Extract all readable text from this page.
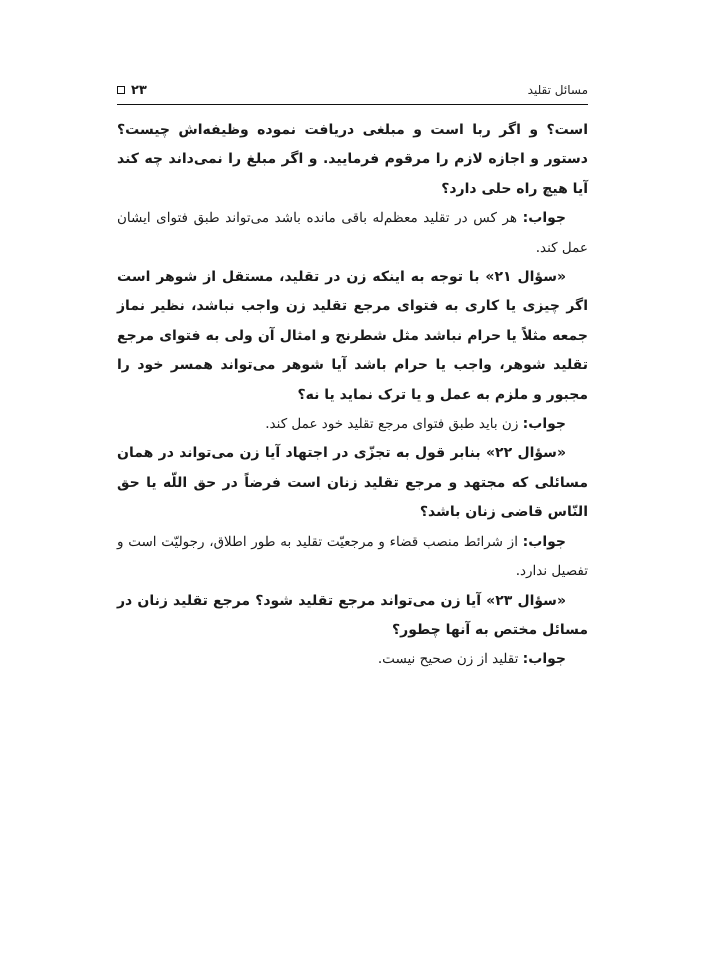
مسائل تقلید
۲۳

است؟ و اگر ربا است و مبلغی دریافت نموده وظیفه‌اش چیست؟ دستور و اجازه لازم را مرقوم فرمایید. و اگر مبلغ را نمی‌داند چه کند آیا هیچ راه حلی دارد؟

جواب: هر کس در تقلید معظم‌له باقی مانده باشد می‌تواند طبق فتوای ایشان عمل کند.

«سؤال ۲۱» با توجه به اینکه زن در تقلید، مستقل از شوهر است اگر چیزی یا کاری به فتوای مرجع تقلید زن واجب نباشد، نظیر نماز جمعه مثلاً یا حرام نباشد مثل شطرنج و امثال آن ولی به فتوای مرجع تقلید شوهر، واجب یا حرام باشد آیا شوهر می‌تواند همسر خود را مجبور و ملزم به عمل و یا ترک نماید یا نه؟

جواب: زن باید طبق فتوای مرجع تقلید خود عمل کند.

«سؤال ۲۲» بنابر قول به تجزّی در اجتهاد آیا زن می‌تواند در همان مسائلی که مجتهد و مرجع تقلید زنان است فرضاً در حق اللّه یا حق النّاس قاضی زنان باشد؟

جواب: از شرائط منصب قضاء و مرجعیّت تقلید به طور اطلاق، رجولیّت است و تفصیل ندارد.

«سؤال ۲۳» آیا زن می‌تواند مرجع تقلید شود؟ مرجع تقلید زنان در مسائل مختص به آنها چطور؟

جواب: تقلید از زن صحیح نیست.
